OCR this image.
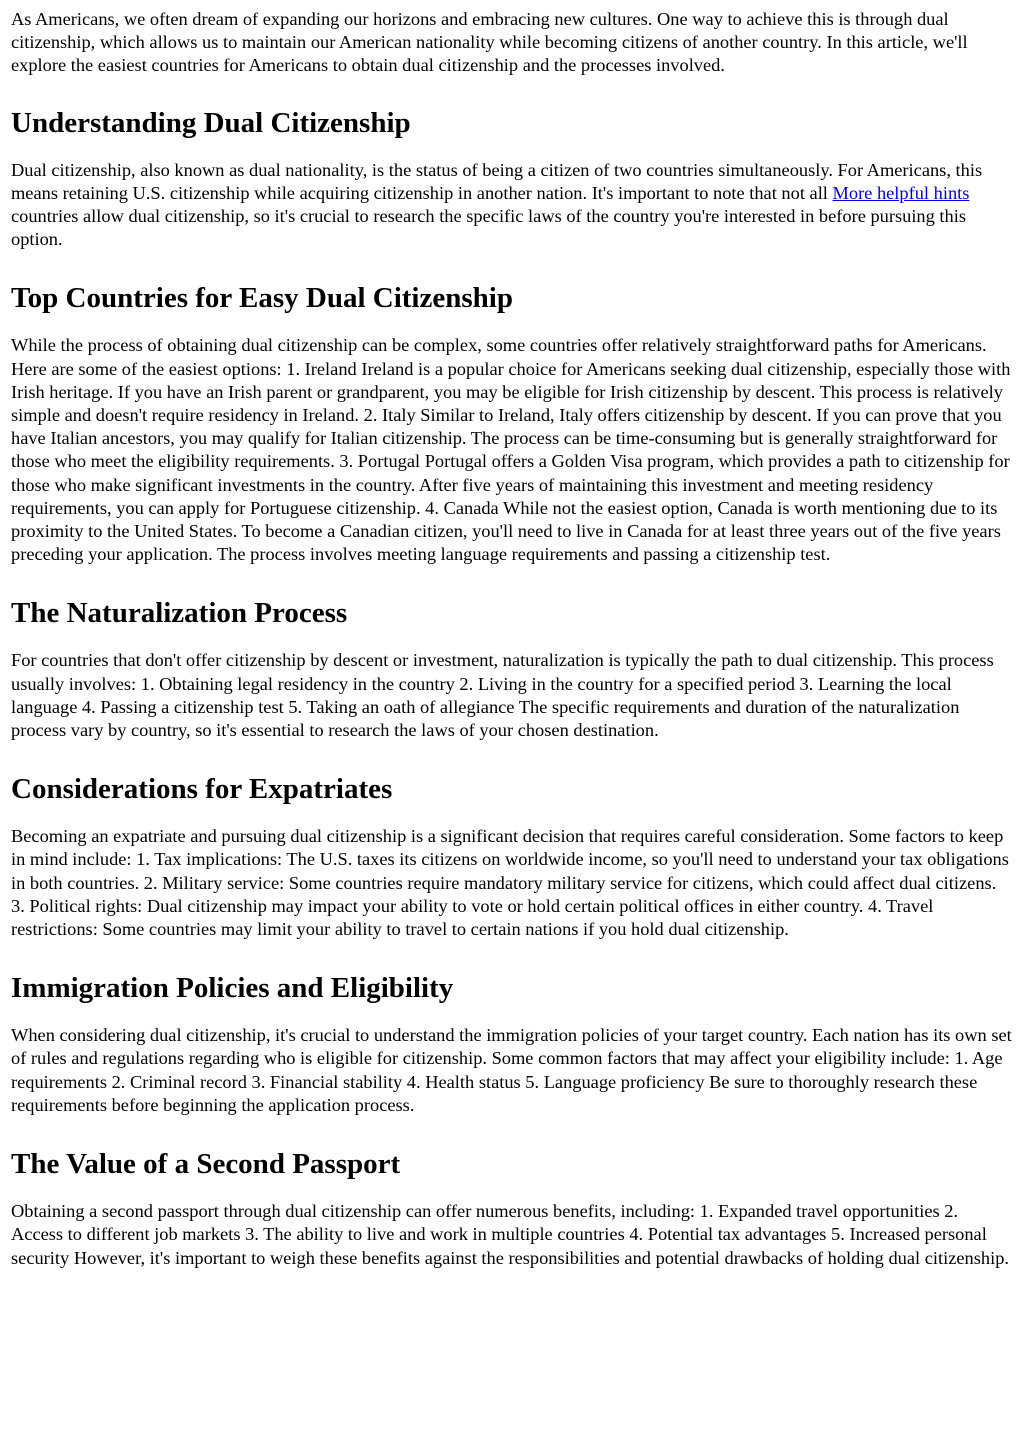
As Americans, we often dream of expanding our horizons and embracing new cultures. One way to achieve this is through dual citizenship, which allows us to maintain our American nationality while becoming citizens of another country. In this article, we'll explore the easiest countries for Americans to obtain dual citizenship and the processes involved.

Understanding Dual Citizenship

Dual citizenship, also known as dual nationality, is the status of being a citizen of two countries simultaneously. For Americans, this means retaining U.S. citizenship while acquiring citizenship in another nation. It's important to note that not all More helpful hints countries allow dual citizenship, so it's crucial to research the specific laws of the country you're interested in before pursuing this option.

Top Countries for Easy Dual Citizenship

While the process of obtaining dual citizenship can be complex, some countries offer relatively straightforward paths for Americans. Here are some of the easiest options: 1. Ireland Ireland is a popular choice for Americans seeking dual citizenship, especially those with Irish heritage. If you have an Irish parent or grandparent, you may be eligible for Irish citizenship by descent. This process is relatively simple and doesn't require residency in Ireland. 2. Italy Similar to Ireland, Italy offers citizenship by descent. If you can prove that you have Italian ancestors, you may qualify for Italian citizenship. The process can be time-consuming but is generally straightforward for those who meet the eligibility requirements. 3. Portugal Portugal offers a Golden Visa program, which provides a path to citizenship for those who make significant investments in the country. After five years of maintaining this investment and meeting residency requirements, you can apply for Portuguese citizenship. 4. Canada While not the easiest option, Canada is worth mentioning due to its proximity to the United States. To become a Canadian citizen, you'll need to live in Canada for at least three years out of the five years preceding your application. The process involves meeting language requirements and passing a citizenship test.

The Naturalization Process

For countries that don't offer citizenship by descent or investment, naturalization is typically the path to dual citizenship. This process usually involves: 1. Obtaining legal residency in the country 2. Living in the country for a specified period 3. Learning the local language 4. Passing a citizenship test 5. Taking an oath of allegiance The specific requirements and duration of the naturalization process vary by country, so it's essential to research the laws of your chosen destination.

Considerations for Expatriates

Becoming an expatriate and pursuing dual citizenship is a significant decision that requires careful consideration. Some factors to keep in mind include: 1. Tax implications: The U.S. taxes its citizens on worldwide income, so you'll need to understand your tax obligations in both countries. 2. Military service: Some countries require mandatory military service for citizens, which could affect dual citizens. 3. Political rights: Dual citizenship may impact your ability to vote or hold certain political offices in either country. 4. Travel restrictions: Some countries may limit your ability to travel to certain nations if you hold dual citizenship.

Immigration Policies and Eligibility

When considering dual citizenship, it's crucial to understand the immigration policies of your target country. Each nation has its own set of rules and regulations regarding who is eligible for citizenship. Some common factors that may affect your eligibility include: 1. Age requirements 2. Criminal record 3. Financial stability 4. Health status 5. Language proficiency Be sure to thoroughly research these requirements before beginning the application process.

The Value of a Second Passport

Obtaining a second passport through dual citizenship can offer numerous benefits, including: 1. Expanded travel opportunities 2. Access to different job markets 3. The ability to live and work in multiple countries 4. Potential tax advantages 5. Increased personal security However, it's important to weigh these benefits against the responsibilities and potential drawbacks of holding dual citizenship.
